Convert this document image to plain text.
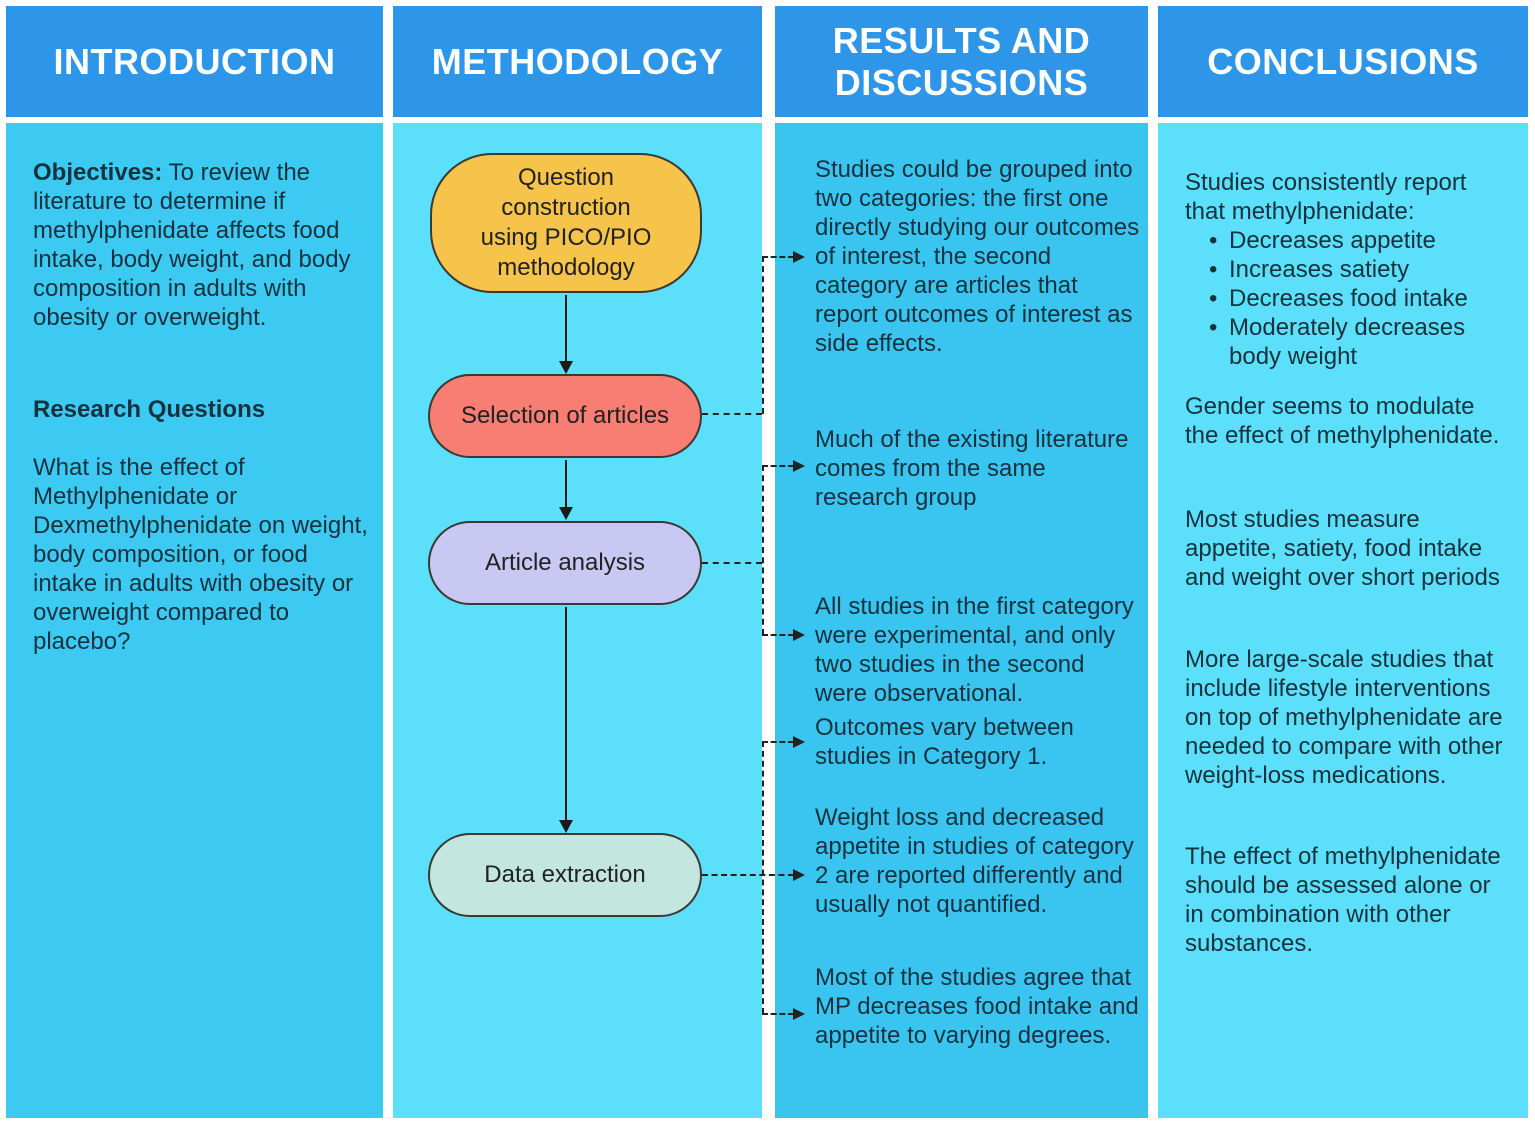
INTRODUCTION	METHODOLOGY
RESULTS AND DISCUSSIONS
CONCLUSIONS
Objectives: To review the literature to determine if methylphenidate affects food intake, body weight, and body composition in adults with obesity or overweight.
Research Questions
What is the effect of Methylphenidate or Dexmethylphenidate on weight, body composition, or food intake in adults with obesity or overweight compared to placebo?
Question construction using PICO/PIO methodology
Selection of articles
Article analysis
Data extraction
Studies could be grouped into two categories: the first one directly studying our outcomes of interest, the second category are articles that report outcomes of interest as side effects.
Much of the existing literature comes from the same research group
All studies in the first category were experimental, and only two studies in the second were observational.
Outcomes vary between studies in Category 1.
Weight loss and decreased appetite in studies of category 2 are reported differently and usually not quantified.
Most of the studies agree that MP decreases food intake and appetite to varying degrees.
Studies consistently report that methylphenidate:
• Decreases appetite
• Increases satiety
• Decreases food intake
• Moderately decreases body weight
Gender seems to modulate the effect of methylphenidate.
Most studies measure appetite, satiety, food intake and weight over short periods
More large-scale studies that include lifestyle interventions on top of methylphenidate are needed to compare with other weight-loss medications.
The effect of methylphenidate should be assessed alone or in combination with other substances.
